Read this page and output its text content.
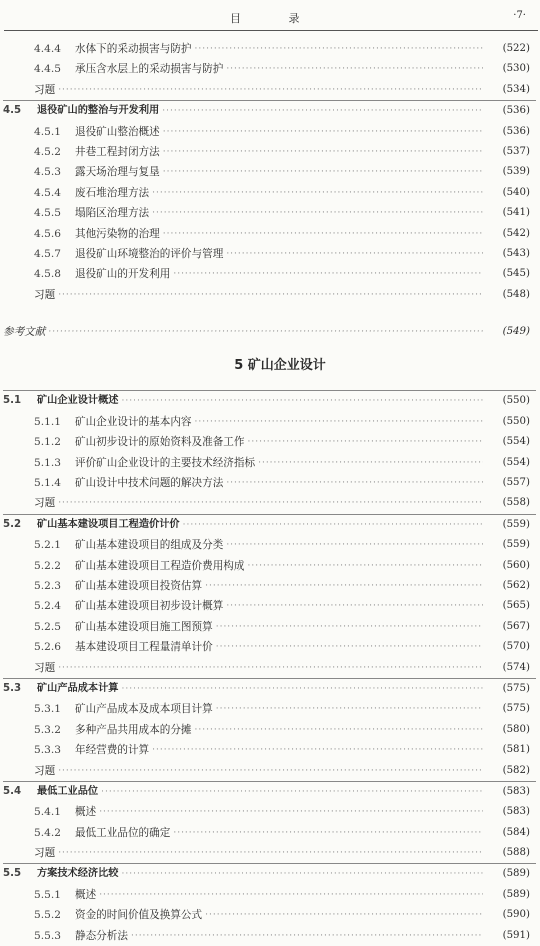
目 录	·7·
4.4.4	水体下的采动损害与防护 ·····	(522)
4.4.5	承压含水层上的采动损害与防护 ·····	(530)
习题 ·····	(534)
4.5	退役矿山的整治与开发利用 ·····	(536)
4.5.1	退役矿山整治概述 ·····	(536)
4.5.2	井巷工程封闭方法 ·····	(537)
4.5.3	露天场治理与复垦 ·····	(539)
4.5.4	废石堆治理方法 ·····	(540)
4.5.5	塌陷区治理方法 ·····	(541)
4.5.6	其他污染物的治理 ·····	(542)
4.5.7	退役矿山环境整治的评价与管理 ·····	(543)
4.5.8	退役矿山的开发利用 ·····	(545)
习题 ·····	(548)
参考文献 ·····	(549)
5 矿山企业设计
5.1	矿山企业设计概述 ·····	(550)
5.1.1	矿山企业设计的基本内容 ·····	(550)
5.1.2	矿山初步设计的原始资料及准备工作 ·····	(554)
5.1.3	评价矿山企业设计的主要技术经济指标 ·····	(554)
5.1.4	矿山设计中技术问题的解决方法 ·····	(557)
习题 ·····	(558)
5.2	矿山基本建设项目工程造价计价 ·····	(559)
5.2.1	矿山基本建设项目的组成及分类 ·····	(559)
5.2.2	矿山基本建设项目工程造价费用构成 ·····	(560)
5.2.3	矿山基本建设项目投资估算 ·····	(562)
5.2.4	矿山基本建设项目初步设计概算 ·····	(565)
5.2.5	矿山基本建设项目施工图预算 ·····	(567)
5.2.6	基本建设项目工程量清单计价 ·····	(570)
习题 ·····	(574)
5.3	矿山产品成本计算 ·····	(575)
5.3.1	矿山产品成本及成本项目计算 ·····	(575)
5.3.2	多种产品共用成本的分摊 ·····	(580)
5.3.3	年经营费的计算 ·····	(581)
习题 ·····	(582)
5.4	最低工业品位 ·····	(583)
5.4.1	概述 ·····	(583)
5.4.2	最低工业品位的确定 ·····	(584)
习题 ·····	(588)
5.5	方案技术经济比较 ·····	(589)
5.5.1	概述 ·····	(589)
5.5.2	资金的时间价值及换算公式 ·····	(590)
5.5.3	静态分析法 ·····	(591)
